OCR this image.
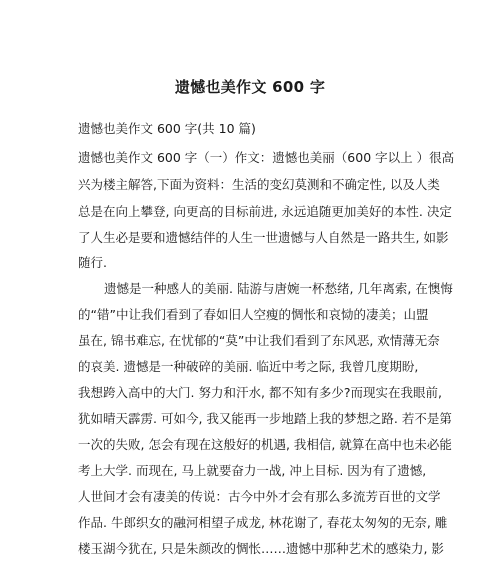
遗憾也美作文 600 字
遗憾也美作文 600 字(共 10 篇)
遗憾也美作文 600 字（一）作文：遗憾也美丽（600 字以上 ）很高
兴为楼主解答,下面为资料：生活的变幻莫测和不确定性, 以及人类
总是在向上攀登, 向更高的目标前进, 永远追随更加美好的本性. 决定
了人生必是要和遗憾结伴的人生一世遗憾与人自然是一路共生, 如影
随行.
遗憾是一种感人的美丽. 陆游与唐婉一杯愁绪, 几年离索, 在懊悔
的“错”中让我们看到了春如旧人空瘦的惆怅和哀恸的凄美；山盟
虽在, 锦书难忘, 在忧郁的“莫”中让我们看到了东风恶, 欢情薄无奈
的哀美. 遗憾是一种破碎的美丽. 临近中考之际, 我曾几度期盼,
我想跨入高中的大门. 努力和汗水, 都不知有多少?而现实在我眼前,
犹如晴天霹雳. 可如今, 我又能再一步地踏上我的梦想之路. 若不是第
一次的失败, 怎会有现在这般好的机遇, 我相信, 就算在高中也未必能
考上大学. 而现在, 马上就要奋力一战, 冲上目标. 因为有了遗憾,
人世间才会有凄美的传说：古今中外才会有那么多流芳百世的文学
作品. 牛郎织女的融河相望子成龙, 林花谢了, 春花太匆匆的无奈, 雕
楼玉湖今犹在, 只是朱颜改的惆怅……遗憾中那种艺术的感染力, 影
